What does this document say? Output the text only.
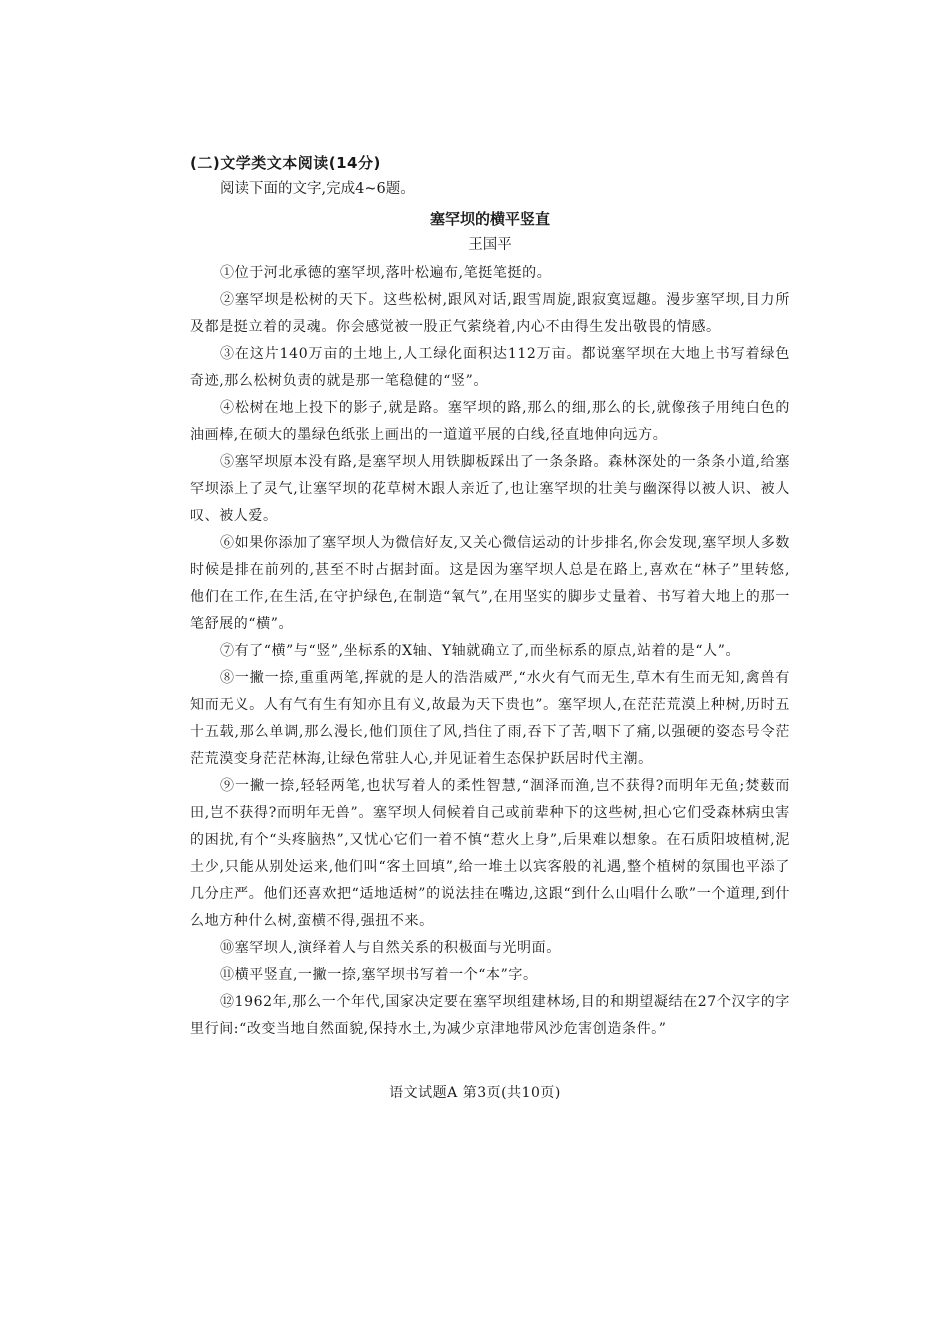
(二)文学类文本阅读(14分)

阅读下面的文字,完成4~6题。

塞罕坝的横平竖直

王国平

①位于河北承德的塞罕坝,落叶松遍布,笔挺笔挺的。

②塞罕坝是松树的天下。这些松树,跟风对话,跟雪周旋,跟寂寞逗趣。漫步塞罕坝,目力所及都是挺立着的灵魂。你会感觉被一股正气萦绕着,内心不由得生发出敬畏的情感。

③在这片140万亩的土地上,人工绿化面积达112万亩。都说塞罕坝在大地上书写着绿色奇迹,那么松树负责的就是那一笔稳健的“竖”。

④松树在地上投下的影子,就是路。塞罕坝的路,那么的细,那么的长,就像孩子用纯白色的油画棒,在硕大的墨绿色纸张上画出的一道道平展的白线,径直地伸向远方。

⑤塞罕坝原本没有路,是塞罕坝人用铁脚板踩出了一条条路。森林深处的一条条小道,给塞罕坝添上了灵气,让塞罕坝的花草树木跟人亲近了,也让塞罕坝的壮美与幽深得以被人识、被人叹、被人爱。

⑥如果你添加了塞罕坝人为微信好友,又关心微信运动的计步排名,你会发现,塞罕坝人多数时候是排在前列的,甚至不时占据封面。这是因为塞罕坝人总是在路上,喜欢在“林子”里转悠,他们在工作,在生活,在守护绿色,在制造“氧气”,在用坚实的脚步丈量着、书写着大地上的那一笔舒展的“横”。

⑦有了“横”与“竖”,坐标系的X轴、Y轴就确立了,而坐标系的原点,站着的是“人”。

⑧一撇一捺,重重两笔,挥就的是人的浩浩威严,“水火有气而无生,草木有生而无知,禽兽有知而无义。人有气有生有知亦且有义,故最为天下贵也”。塞罕坝人,在茫茫荒漠上种树,历时五十五载,那么单调,那么漫长,他们顶住了风,挡住了雨,吞下了苦,咽下了痛,以强硬的姿态号令茫茫荒漠变身茫茫林海,让绿色常驻人心,并见证着生态保护跃居时代主潮。

⑨一撇一捺,轻轻两笔,也状写着人的柔性智慧,“涸泽而渔,岂不获得?而明年无鱼;焚薮而田,岂不获得?而明年无兽”。塞罕坝人伺候着自己或前辈种下的这些树,担心它们受森林病虫害的困扰,有个“头疼脑热”,又忧心它们一着不慎“惹火上身”,后果难以想象。在石质阳坡植树,泥土少,只能从别处运来,他们叫“客土回填”,给一堆土以宾客般的礼遇,整个植树的氛围也平添了几分庄严。他们还喜欢把“适地适树”的说法挂在嘴边,这跟“到什么山唱什么歌”一个道理,到什么地方种什么树,蛮横不得,强扭不来。

⑩塞罕坝人,演绎着人与自然关系的积极面与光明面。

⑪横平竖直,一撇一捺,塞罕坝书写着一个“本”字。

⑫1962年,那么一个年代,国家决定要在塞罕坝组建林场,目的和期望凝结在27个汉字的字里行间:“改变当地自然面貌,保持水土,为减少京津地带风沙危害创造条件。”

语文试题A 第3页(共10页)
